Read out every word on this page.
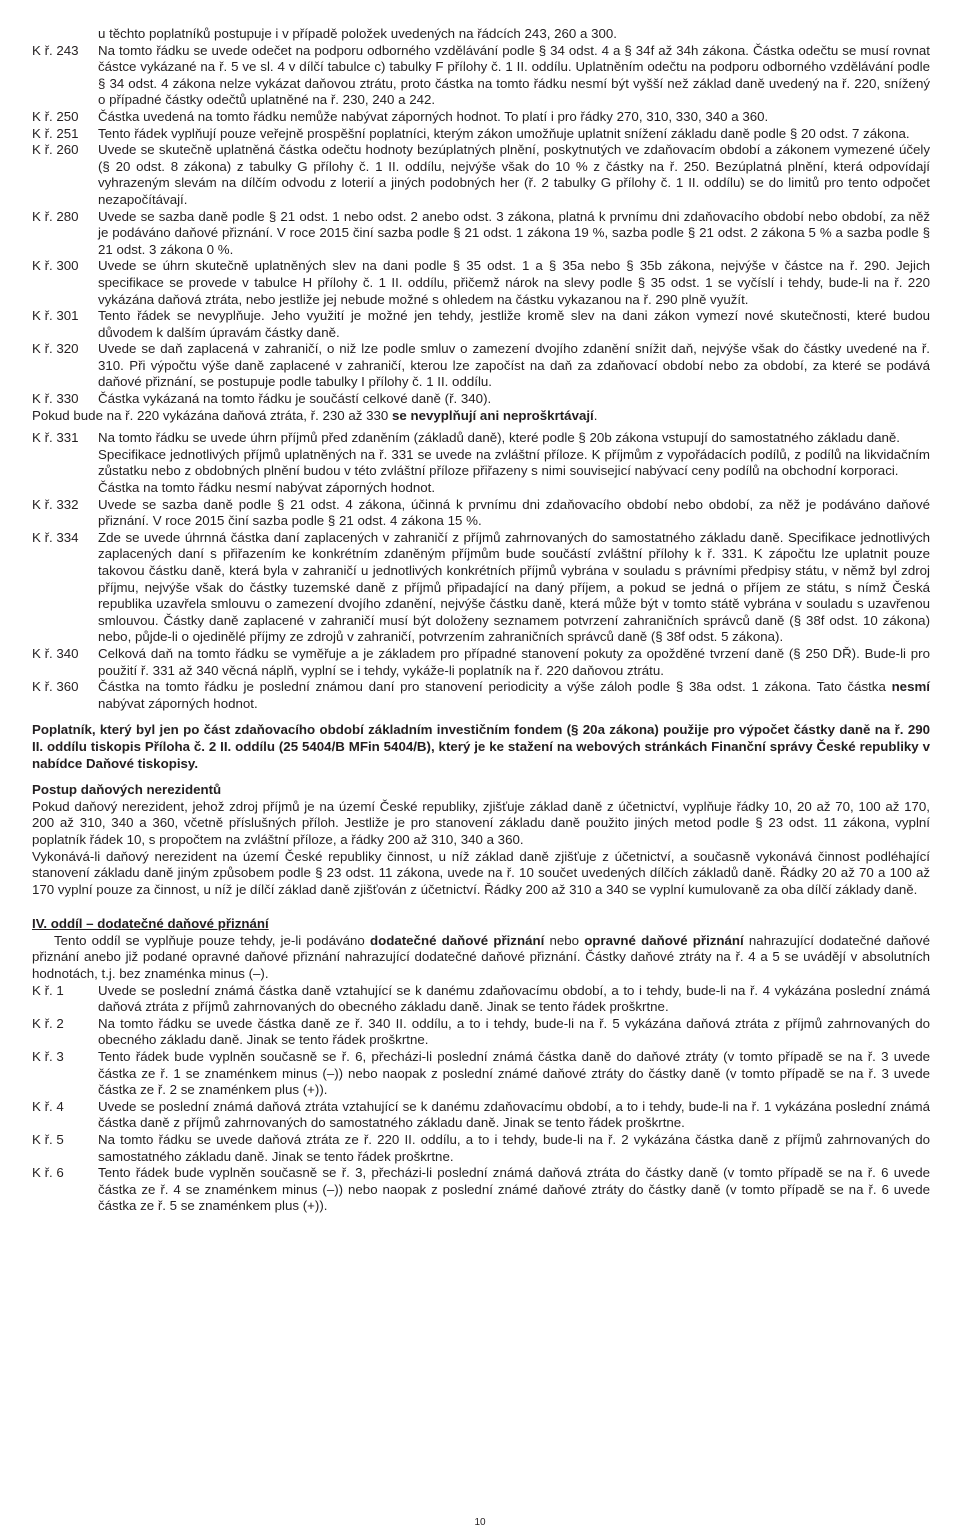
u těchto poplatníků postupuje i v případě položek uvedených na řádcích 243, 260 a 300.
K ř. 243	Na tomto řádku se uvede odečet na podporu odborného vzdělávání podle § 34 odst. 4 a § 34f až 34h zákona. Částka odečtu se musí rovnat částce vykázané na ř. 5 ve sl. 4 v dílčí tabulce c) tabulky F přílohy č. 1 II. oddílu. Uplatněním odečtu na podporu odborného vzdělávání podle § 34 odst. 4 zákona nelze vykázat daňovou ztrátu, proto částka na tomto řádku nesmí být vyšší než základ daně uvedený na ř. 220, snížený o případné částky odečtů uplatněné na ř. 230, 240 a 242.
K ř. 250	Částka uvedená na tomto řádku nemůže nabývat záporných hodnot. To platí i pro řádky 270, 310, 330, 340 a 360.
K ř. 251	Tento řádek vyplňují pouze veřejně prospěšní poplatníci, kterým zákon umožňuje uplatnit snížení základu daně podle § 20 odst. 7 zákona.
K ř. 260	Uvede se skutečně uplatněná částka odečtu hodnoty bezúplatných plnění, poskytnutých ve zdaňovacím období a zákonem vymezené účely (§ 20 odst. 8 zákona) z tabulky G přílohy č. 1 II. oddílu, nejvýše však do 10 % z částky na ř. 250. Bezúplatná plnění, která odpovídají vyhrazeným slevám na dílčím odvodu z loterií a jiných podobných her (ř. 2 tabulky G přílohy č. 1 II. oddílu) se do limitů pro tento odpočet nezapočítávají.
K ř. 280	Uvede se sazba daně podle § 21 odst. 1 nebo odst. 2 anebo odst. 3 zákona, platná k prvnímu dni zdaňovacího období nebo období, za něž je podáváno daňové přiznání. V roce 2015 činí sazba podle § 21 odst. 1 zákona 19 %, sazba podle § 21 odst. 2 zákona 5 % a sazba podle § 21 odst. 3 zákona 0 %.
K ř. 300	Uvede se úhrn skutečně uplatněných slev na dani podle § 35 odst. 1 a § 35a nebo § 35b zákona, nejvýše v částce na ř. 290. Jejich specifikace se provede v tabulce H přílohy č. 1 II. oddílu, přičemž nárok na slevy podle § 35 odst. 1 se vyčíslí i tehdy, bude-li na ř. 220 vykázána daňová ztráta, nebo jestliže jej nebude možné s ohledem na částku vykazanou na ř. 290 plně využít.
K ř. 301	Tento řádek se nevyplňuje. Jeho využití je možné jen tehdy, jestliže kromě slev na dani zákon vymezí nové skutečnosti, které budou důvodem k dalším úpravám částky daně.
K ř. 320	Uvede se daň zaplacená v zahraničí, o niž lze podle smluv o zamezení dvojího zdanění snížit daň, nejvýše však do částky uvedené na ř. 310. Při výpočtu výše daně zaplacené v zahraničí, kterou lze započíst na daň za zdaňovací období nebo za období, za které se podává daňové přiznání, se postupuje podle tabulky I přílohy č. 1 II. oddílu.
K ř. 330	Částka vykázaná na tomto řádku je součástí celkové daně (ř. 340).
Pokud bude na ř. 220 vykázána daňová ztráta, ř. 230 až 330 se nevyplňují ani neproškrtávají.
K ř. 331	Na tomto řádku se uvede úhrn příjmů před zdaněním (základů daně), které podle § 20b zákona vstupují do samostatného základu daně.
Specifikace jednotlivých příjmů uplatněných na ř. 331 se uvede na zvláštní příloze. K příjmům z vypořádacích podílů, z podílů na likvidačním zůstatku nebo z obdobných plnění budou v této zvláštní příloze přiřazeny s nimi souvisejicí nabývací ceny podílů na obchodní korporaci.
Částka na tomto řádku nesmí nabývat záporných hodnot.
K ř. 332	Uvede se sazba daně podle § 21 odst. 4 zákona, účinná k prvnímu dni zdaňovacího období nebo období, za něž je podáváno daňové přiznání. V roce 2015 činí sazba podle § 21 odst. 4 zákona 15 %.
K ř. 334	Zde se uvede úhrnná částka daní zaplacených v zahraničí z příjmů zahrnovaných do samostatného základu daně. Specifikace jednotlivých zaplacených daní s přiřazením ke konkrétním zdaněným příjmům bude součástí zvláštní přílohy k ř. 331. K zápočtu lze uplatnit pouze takovou částku daně, která byla v zahraničí u jednotlivých konkrétních příjmů vybrána v souladu s právními předpisy státu, v němž byl zdroj příjmu, nejvýše však do částky tuzemské daně z příjmů připadající na daný příjem, a pokud se jedná o příjem ze státu, s nímž Česká republika uzavřela smlouvu o zamezení dvojího zdanění, nejvýše částku daně, která může být v tomto státě vybrána v souladu s uzavřenou smlouvou. Částky daně zaplacené v zahraničí musí být doloženy seznamem potvrzení zahraničních správců daně (§ 38f odst. 10 zákona) nebo, půjde-li o ojedinělé příjmy ze zdrojů v zahraničí, potvrzením zahraničních správců daně (§ 38f odst. 5 zákona).
K ř. 340	Celková daň na tomto řádku se vyměřuje a je základem pro případné stanovení pokuty za opožděné tvrzení daně (§ 250 DŘ). Bude-li pro použití ř. 331 až 340 věcná náplň, vyplní se i tehdy, vykáže-li poplatník na ř. 220 daňovou ztrátu.
K ř. 360	Částka na tomto řádku je poslední známou daní pro stanovení periodicity a výše záloh podle § 38a odst. 1 zákona. Tato částka nesmí nabývat záporných hodnot.
Poplatník, který byl jen po část zdaňovacího období základním investičním fondem (§ 20a zákona) použije pro výpočet částky daně na ř. 290 II. oddílu tiskopis Příloha č. 2 II. oddílu (25 5404/B MFin 5404/B), který je ke stažení na webových stránkách Finanční správy České republiky v nabídce Daňové tiskopisy.
Postup daňových nerezidentů
Pokud daňový nerezident, jehož zdroj příjmů je na území České republiky, zjišťuje základ daně z účetnictví, vyplňuje řádky 10, 20 až 70, 100 až 170, 200 až 310, 340 a 360, včetně příslušných příloh. Jestliže je pro stanovení základu daně použito jiných metod podle § 23 odst. 11 zákona, vyplní poplatník řádek 10, s propočtem na zvláštní příloze, a řádky 200 až 310, 340 a 360.
Vykonává-li daňový nerezident na území České republiky činnost, u níž základ daně zjišťuje z účetnictví, a současně vykonává činnost podléhající stanovení základu daně jiným způsobem podle § 23 odst. 11 zákona, uvede na ř. 10 součet uvedených dílčích základů daně. Řádky 20 až 70 a 100 až 170 vyplní pouze za činnost, u níž je dílčí základ daně zjišťován z účetnictví. Řádky 200 až 310 a 340 se vyplní kumulovaně za oba dílčí základy daně.
IV. oddíl – dodatečné daňové přiznání
Tento oddíl se vyplňuje pouze tehdy, je-li podáváno dodatečné daňové přiznání nebo opravné daňové přiznání nahrazující dodatečné daňové přiznání anebo již podané opravné daňové přiznání nahrazující dodatečné daňové přiznání. Částky daňové ztráty na ř. 4 a 5 se uvádějí v absolutních hodnotách, t.j. bez znaménka minus (–).
K ř. 1	Uvede se poslední známá částka daně vztahující se k danému zdaňovacímu období, a to i tehdy, bude-li na ř. 4 vykázána poslední známá daňová ztráta z příjmů zahrnovaných do obecného základu daně. Jinak se tento řádek proškrtne.
K ř. 2	Na tomto řádku se uvede částka daně ze ř. 340 II. oddílu, a to i tehdy, bude-li na ř. 5 vykázána daňová ztráta z příjmů zahrnovaných do obecného základu daně. Jinak se tento řádek proškrtne.
K ř. 3	Tento řádek bude vyplněn současně se ř. 6, přecházi-li poslední známá částka daně do daňové ztráty (v tomto případě se na ř. 3 uvede částka ze ř. 1 se znaménkem minus (–)) nebo naopak z poslední známé daňové ztráty do částky daně (v tomto případě se na ř. 3 uvede částka ze ř. 2 se znaménkem plus (+)).
K ř. 4	Uvede se poslední známá daňová ztráta vztahující se k danému zdaňovacímu období, a to i tehdy, bude-li na ř. 1 vykázána poslední známá částka daně z příjmů zahrnovaných do samostatného základu daně. Jinak se tento řádek proškrtne.
K ř. 5	Na tomto řádku se uvede daňová ztráta ze ř. 220 II. oddílu, a to i tehdy, bude-li na ř. 2 vykázána částka daně z příjmů zahrnovaných do samostatného základu daně. Jinak se tento řádek proškrtne.
K ř. 6	Tento řádek bude vyplněn současně se ř. 3, přecházi-li poslední známá daňová ztráta do částky daně (v tomto případě se na ř. 6 uvede částka ze ř. 4 se znaménkem minus (–)) nebo naopak z poslední známé daňové ztráty do částky daně (v tomto případě se na ř. 6 uvede částka ze ř. 5 se znaménkem plus (+)).
10
